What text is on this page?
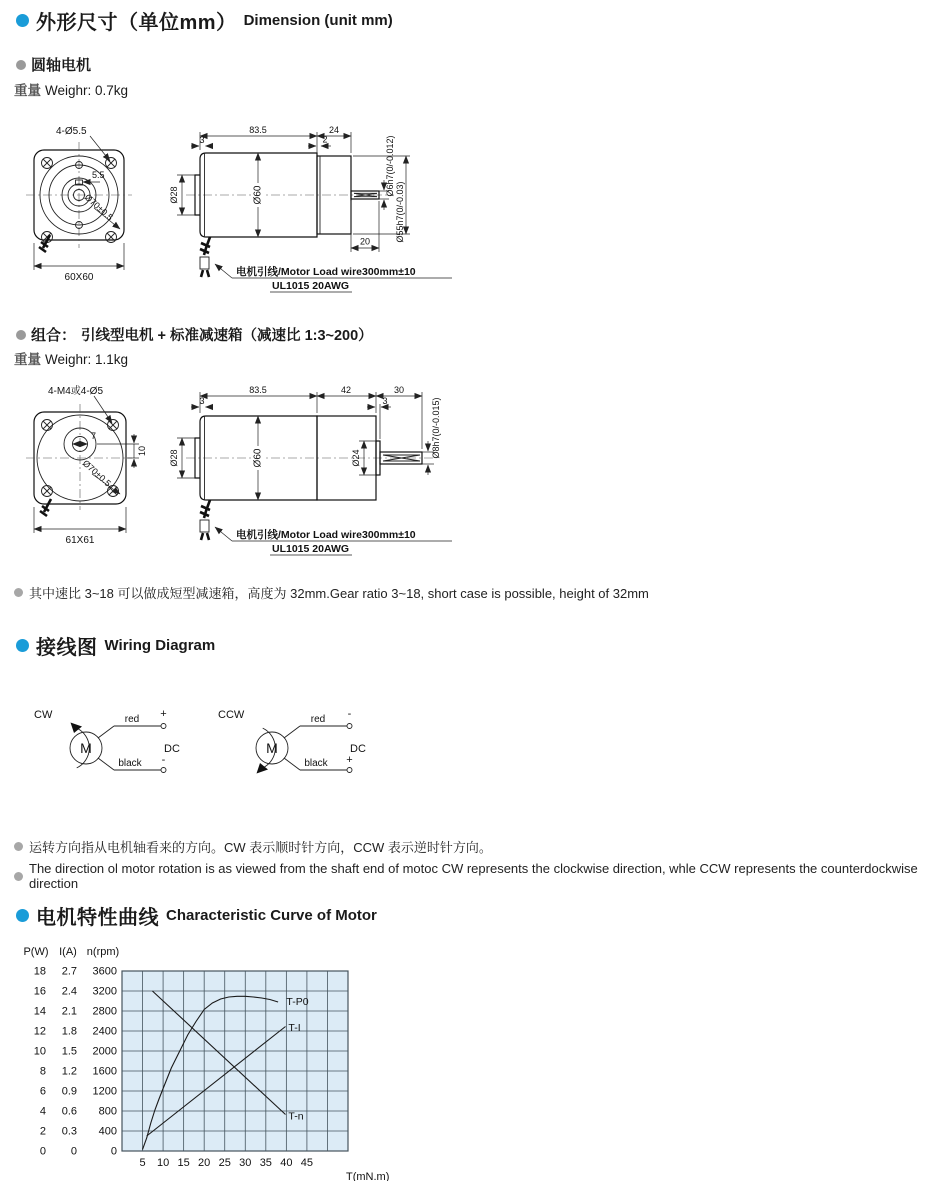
外形尺寸（单位mm） Dimension (unit mm)
圆轴电机
重量 Weighr: 0.7kg
5.5
4-Ø5.5
Ø70±0.5
60X60
83.5	24
3	2
Ø28	Ø60
20
Ø6h7(0/-0.012)
Ø55h7(0/-0.03)
电机引线/Motor Load wire300mm±10
UL1015 20AWG
组合： 引线型电机 + 标准减速箱（减速比 1:3~200）
重量 Weighr: 1.1kg
7
10
4-M4或4-Ø5
Ø70±0.5
61X61
83.5	42	30
3	3
Ø28	Ø60	Ø24	Ø8h7(0/-0.015)
电机引线/Motor Load wire300mm±10
UL1015 20AWG
其中速比 3~18 可以做成短型减速箱，高度为 32mm.Gear ratio 3~18, short case is possible, height of 32mm
接线图 Wiring Diagram
CW
M
red +
black -
DC
CCW
M
red -
black +
DC
运转方向指从电机轴看来的方向。CW 表示顺时针方向，CCW 表示逆时针方向。
The direction ol motor rotation is as viewed from the shaft end of motoc CW represents the clockwise direction, whle CCW represents the counterdockwise direction
电机特性曲线 Characteristic Curve of Motor
P(W)
18
16
14
12
10
8
6
4
2
0
I(A)
2.7
2.4
2.1
1.8
1.5
1.2
0.9
0.6
0.3
0
n(rpm)
3600
3200
2800
2400
2000
1600
1200
800
400
0
5 10 15 20 25 30 35 40 45
T(mN.m)
T-P0
T-I
T-n
